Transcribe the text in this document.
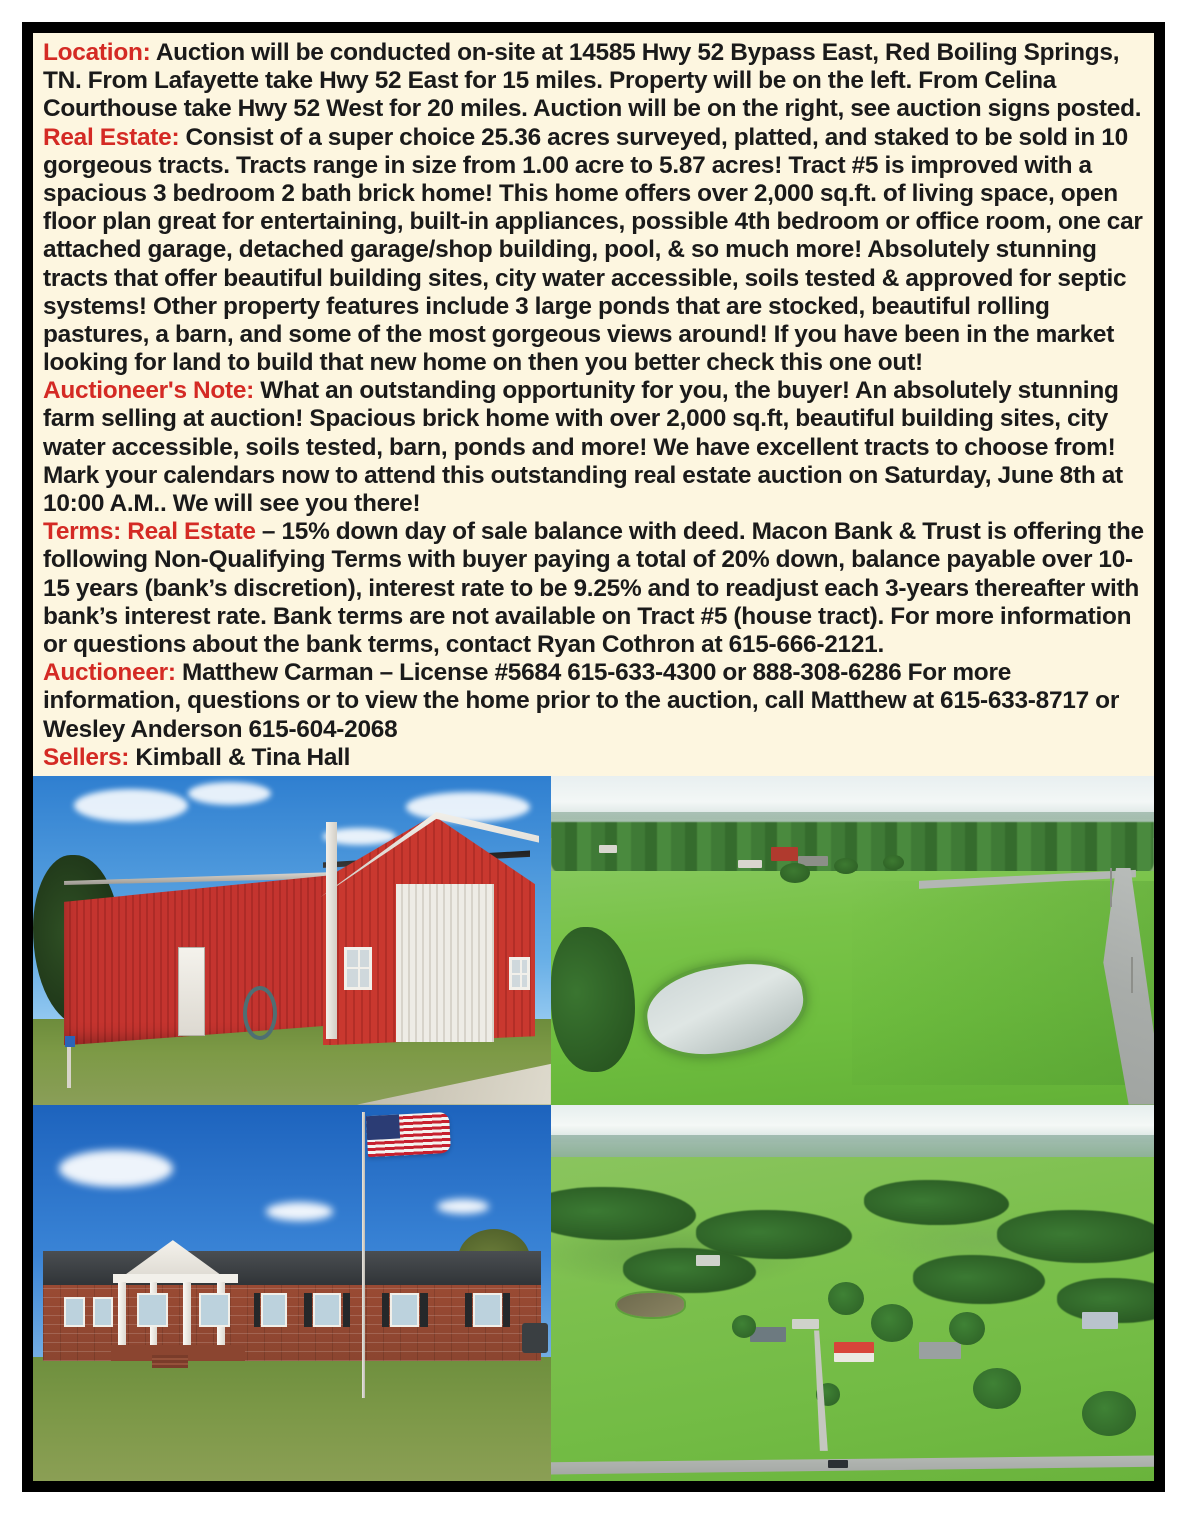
Location: Auction will be conducted on-site at 14585 Hwy 52 Bypass East, Red Boiling Springs, TN. From Lafayette take Hwy 52 East for 15 miles. Property will be on the left. From Celina Courthouse take Hwy 52 West for 20 miles. Auction will be on the right, see auction signs posted.

Real Estate: Consist of a super choice 25.36 acres surveyed, platted, and staked to be sold in 10 gorgeous tracts. Tracts range in size from 1.00 acre to 5.87 acres! Tract #5 is improved with a spacious 3 bedroom 2 bath brick home! This home offers over 2,000 sq.ft. of living space, open floor plan great for entertaining, built-in appliances, possible 4th bedroom or office room, one car attached garage, detached garage/shop building, pool, & so much more! Absolutely stunning tracts that offer beautiful building sites, city water accessible, soils tested & approved for septic systems! Other property features include 3 large ponds that are stocked, beautiful rolling pastures, a barn, and some of the most gorgeous views around! If you have been in the market looking for land to build that new home on then you better check this one out!

Auctioneer's Note: What an outstanding opportunity for you, the buyer! An absolutely stunning farm selling at auction! Spacious brick home with over 2,000 sq.ft, beautiful building sites, city water accessible, soils tested, barn, ponds and more! We have excellent tracts to choose from! Mark your calendars now to attend this outstanding real estate auction on Saturday, June 8th at 10:00 A.M.. We will see you there!

Terms: Real Estate – 15% down day of sale balance with deed. Macon Bank & Trust is offering the following Non-Qualifying Terms with buyer paying a total of 20% down, balance payable over 10-15 years (bank’s discretion), interest rate to be 9.25% and to readjust each 3-years thereafter with bank’s interest rate. Bank terms are not available on Tract #5 (house tract). For more information or questions about the bank terms, contact Ryan Cothron at 615-666-2121.

Auctioneer: Matthew Carman – License #5684 615-633-4300 or 888-308-6286 For more information, questions or to view the home prior to the auction, call Matthew at 615-633-8717 or Wesley Anderson 615-604-2068

Sellers: Kimball & Tina Hall
